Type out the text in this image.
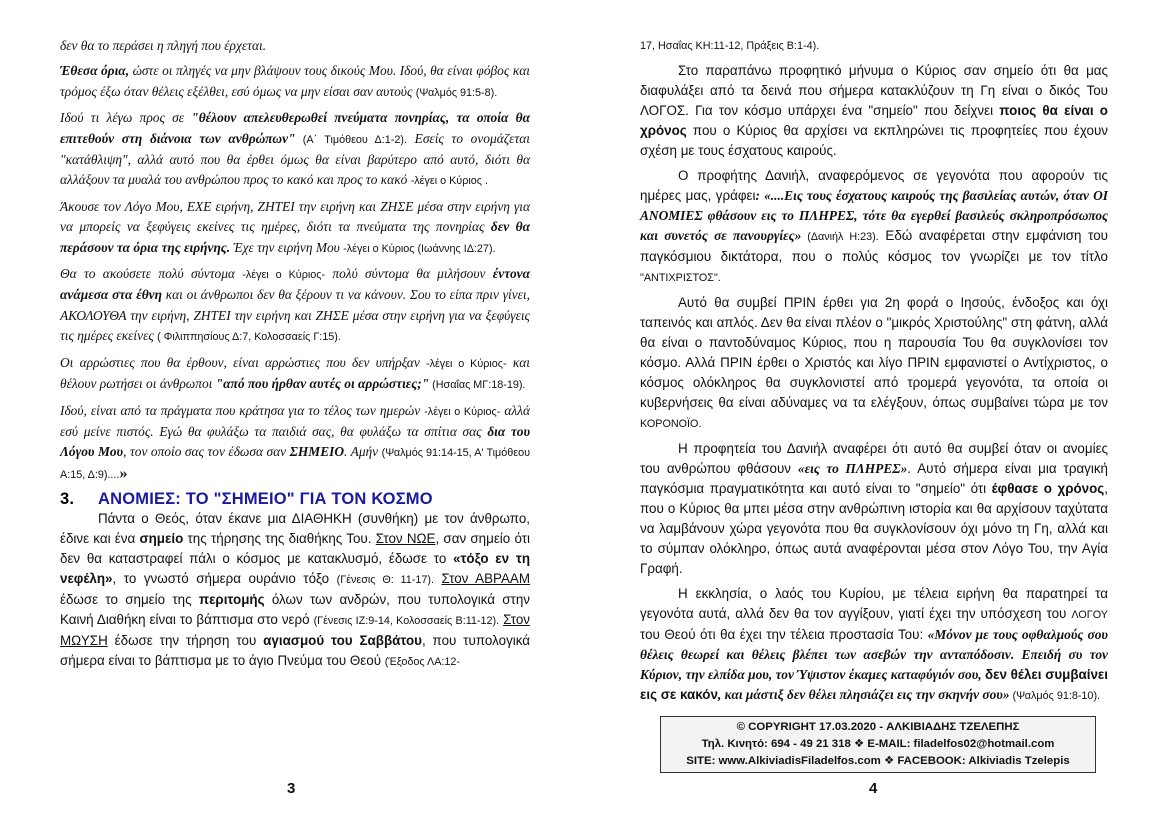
δεν θα το περάσει η πληγή που έρχεται.

Έθεσα όρια, ώστε οι πληγές να μην βλάψουν τους δικούς Μου. Ιδού, θα είναι φόβος και τρόμος έξω όταν θέλεις εξέλθει, εσύ όμως να μην είσαι σαν αυτούς (Ψαλμός 91:5-8).

Ιδού τι λέγω προς σε "θέλουν απελευθερωθεί πνεύματα πονηρίας, τα οποία θα επιτεθούν στη διάνοια των ανθρώπων" (Α΄ Τιμόθεου Δ:1-2). Εσείς το ονομάζεται "κατάθλιψη", αλλά αυτό που θα έρθει όμως θα είναι βαρύτερο από αυτό, διότι θα αλλάξουν τα μυαλά του ανθρώπου προς το κακό και προς το κακό -λέγει ο Κύριος .

Άκουσε τον Λόγο Μου, ΕΧΕ ειρήνη, ΖΗΤΕΙ την ειρήνη και ΖΗΣΕ μέσα στην ειρήνη για να μπορείς να ξεφύγεις εκείνες τις ημέρες, διότι τα πνεύματα της πονηρίας δεν θα περάσουν τα όρια της ειρήνης. Έχε την ειρήνη Μου -λέγει ο Κύριος (Ιωάννης ΙΔ:27).

Θα το ακούσετε πολύ σύντομα -λέγει ο Κύριος- πολύ σύντομα θα μιλήσουν έντονα ανάμεσα στα έθνη και οι άνθρωποι δεν θα ξέρουν τι να κάνουν. Σου το είπα πριν γίνει, ΑΚΟΛΟΥΘΑ την ειρήνη, ΖΗΤΕΙ την ειρήνη και ΖΗΣΕ μέσα στην ειρήνη για να ξεφύγεις τις ημέρες εκείνες ( Φιλιππησίους Δ:7, Κολοσσαείς Γ:15).

Οι αρρώστιες που θα έρθουν, είναι αρρώστιες που δεν υπήρξαν -λέγει ο Κύριος- και θέλουν ρωτήσει οι άνθρωποι "από που ήρθαν αυτές οι αρρώστιες;" (Ησαΐας ΜΓ:18-19).

Ιδού, είναι από τα πράγματα που κράτησα για το τέλος των ημερών -λέγει ο Κύριος- αλλά εσύ μείνε πιστός. Εγώ θα φυλάξω τα παιδιά σας, θα φυλάξω τα σπίτια σας δια του Λόγου Μου, τον οποίο σας τον έδωσα σαν ΣΗΜΕΙΟ. Αμήν (Ψαλμός 91:14-15, Α' Τιμόθεου Α:15, Δ:9)....»

3. ΑΝΟΜΙΕΣ: ΤΟ "ΣΗΜΕΙΟ" ΓΙΑ ΤΟΝ ΚΟΣΜΟ

Πάντα ο Θεός, όταν έκανε μια ΔΙΑΘΗΚΗ (συνθήκη) με τον άνθρωπο, έδινε και ένα σημείο της τήρησης της διαθήκης Του. Στον ΝΩΕ, σαν σημείο ότι δεν θα καταστραφεί πάλι ο κόσμος με κατακλυσμό, έδωσε το «τόξο εν τη νεφέλη», το γνωστό σήμερα ουράνιο τόξο (Γένεσις Θ: 11-17). Στον ΑΒΡΑΑΜ έδωσε το σημείο της περιτομής όλων των ανδρών, που τυπολογικά στην Καινή Διαθήκη είναι το βάπτισμα στο νερό (Γένεσις ΙΖ:9-14, Κολοσσαείς Β:11-12). Στον ΜΩΥΣΗ έδωσε την τήρηση του αγιασμού του Σαββάτου, που τυπολογικά σήμερα είναι το βάπτισμα με το άγιο Πνεύμα του Θεού (Έξοδος ΛΑ:12-

3

17, Ησαΐας ΚΗ:11-12, Πράξεις Β:1-4).

Στο παραπάνω προφητικό μήνυμα ο Κύριος σαν σημείο ότι θα μας διαφυλάξει από τα δεινά που σήμερα κατακλύζουν τη Γη είναι ο δικός Του ΛΟΓΟΣ. Για τον κόσμο υπάρχει ένα "σημείο" που δείχνει ποιος θα είναι ο χρόνος που ο Κύριος θα αρχίσει να εκπληρώνει τις προφητείες που έχουν σχέση με τους έσχατους καιρούς.

Ο προφήτης Δανιήλ, αναφερόμενος σε γεγονότα που αφορούν τις ημέρες μας, γράφει: «....Εις τους έσχατους καιρούς της βασιλείας αυτών, όταν ΟΙ ΑΝΟΜΙΕΣ φθάσουν εις το ΠΛΗΡΕΣ, τότε θα εγερθεί βασιλεύς σκληροπρόσωπος και συνετός σε πανουργίες» (Δανιήλ Η:23). Εδώ αναφέρεται στην εμφάνιση του παγκόσμιου δικτάτορα, που ο πολύς κόσμος τον γνωρίζει με τον τίτλο "ΑΝΤΙΧΡΙΣΤΟΣ".

Αυτό θα συμβεί ΠΡΙΝ έρθει για 2η φορά ο Ιησούς, ένδοξος και όχι ταπεινός και απλός. Δεν θα είναι πλέον ο "μικρός Χριστούλης" στη φάτνη, αλλά θα είναι ο παντοδύναμος Κύριος, που η παρουσία Του θα συγκλονίσει τον κόσμο. Αλλά ΠΡΙΝ έρθει ο Χριστός και λίγο ΠΡΙΝ εμφανιστεί ο Αντίχριστος, ο κόσμος ολόκληρος θα συγκλονιστεί από τρομερά γεγονότα, τα οποία οι κυβερνήσεις θα είναι αδύναμες να τα ελέγξουν, όπως συμβαίνει τώρα με τον ΚΟΡΟΝΟΪΟ.

Η προφητεία του Δανιήλ αναφέρει ότι αυτό θα συμβεί όταν οι ανομίες του ανθρώπου φθάσουν «εις το ΠΛΗΡΕΣ». Αυτό σήμερα είναι μια τραγική παγκόσμια πραγματικότητα και αυτό είναι το "σημείο" ότι έφθασε ο χρόνος, που ο Κύριος θα μπει μέσα στην ανθρώπινη ιστορία και θα αρχίσουν ταχύτατα να λαμβάνουν χώρα γεγονότα που θα συγκλονίσουν όχι μόνο τη Γη, αλλά και το σύμπαν ολόκληρο, όπως αυτά αναφέρονται μέσα στον Λόγο Του, την Αγία Γραφή.

Η εκκλησία, ο λαός του Κυρίου, με τέλεια ειρήνη θα παρατηρεί τα γεγονότα αυτά, αλλά δεν θα τον αγγίξουν, γιατί έχει την υπόσχεση του ΛΟΓΟΥ του Θεού ότι θα έχει την τέλεια προστασία Του: «Μόνον με τους οφθαλμούς σου θέλεις θεωρεί και θέλεις βλέπει των ασεβών την ανταπόδοσιν. Επειδή συ τον Κύριον, την ελπίδα μου, τον Ύψιστον έκαμες καταφύγιόν σου, δεν θέλει συμβαίνει εις σε κακόν, και μάστιξ δεν θέλει πλησιάζει εις την σκηνήν σου» (Ψαλμός 91:8-10).

© COPYRIGHT 17.03.2020 - ΑΛΚΙΒΙΑΔΗΣ ΤΖΕΛΕΠΗΣ
Τηλ. Κινητό: 694 - 49 21 318 ❖ E-MAIL: filadelfos02@hotmail.com
SITE: www.AlkiviadisFiladelfos.com ❖ FACEBOOK: Alkiviadis Tzelepis
4
